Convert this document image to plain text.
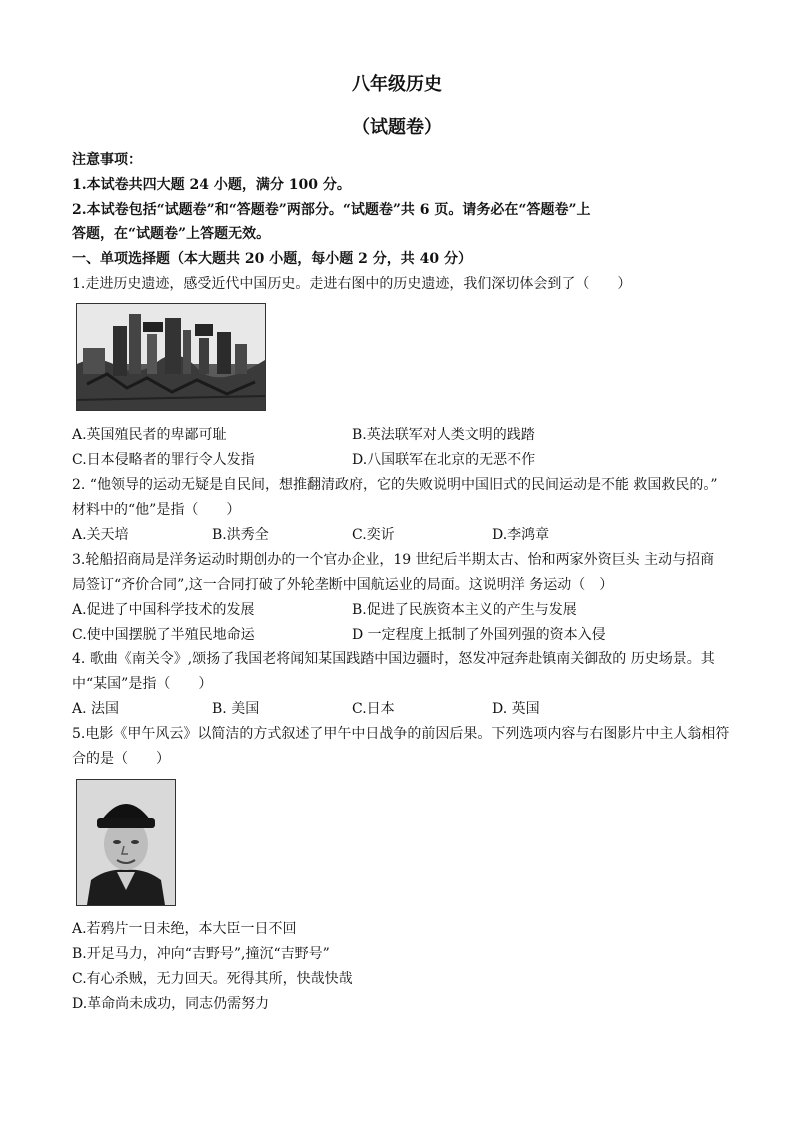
八年级历史
（试题卷）
注意事项：
1.本试卷共四大题 24 小题，满分 100 分。
2.本试卷包括“试题卷”和“答题卷”两部分。“试题卷”共 6 页。请务必在“答题卷”上
答题，在“试题卷”上答题无效。
一、单项选择题（本大题共 20 小题，每小题 2 分，共 40 分）
1.走进历史遗迹，感受近代中国历史。走进右图中的历史遗迹，我们深切体会到了（　　）
A.英国殖民者的卑鄙可耻	B.英法联军对人类文明的践踏
C.日本侵略者的罪行令人发指	D.八国联军在北京的无恶不作
2. “他领导的运动无疑是自民间，想推翻清政府，它的失败说明中国旧式的民间运动是不能 救国救民的。”
材料中的“他”是指（　　）
A.关天培	B.洪秀全	C.奕䜣	D.李鸿章
3.轮船招商局是洋务运动时期创办的一个官办企业，19 世纪后半期太古、怡和两家外资巨头 主动与招商
局签订“齐价合同”,这一合同打破了外轮垄断中国航运业的局面。这说明洋 务运动（　）
A.促进了中国科学技术的发展	B.促进了民族资本主义的产生与发展
C.使中国摆脱了半殖民地命运	D 一定程度上抵制了外国列强的资本入侵
4. 歌曲《南关令》,颂扬了我国老将闻知某国践踏中国边疆时，怒发冲冠奔赴镇南关御敌的 历史场景。其
中“某国”是指（　　）
A. 法国	B. 美国	C.日本	D. 英国
5.电影《甲午风云》以简洁的方式叙述了甲午中日战争的前因后果。下列选项内容与右图影片中主人翁相符
合的是（　　）
A.若鸦片一日未绝，本大臣一日不回
B.开足马力，冲向“吉野号”,撞沉“吉野号”
C.有心杀贼，无力回天。死得其所，快哉快哉
D.革命尚未成功，同志仍需努力
